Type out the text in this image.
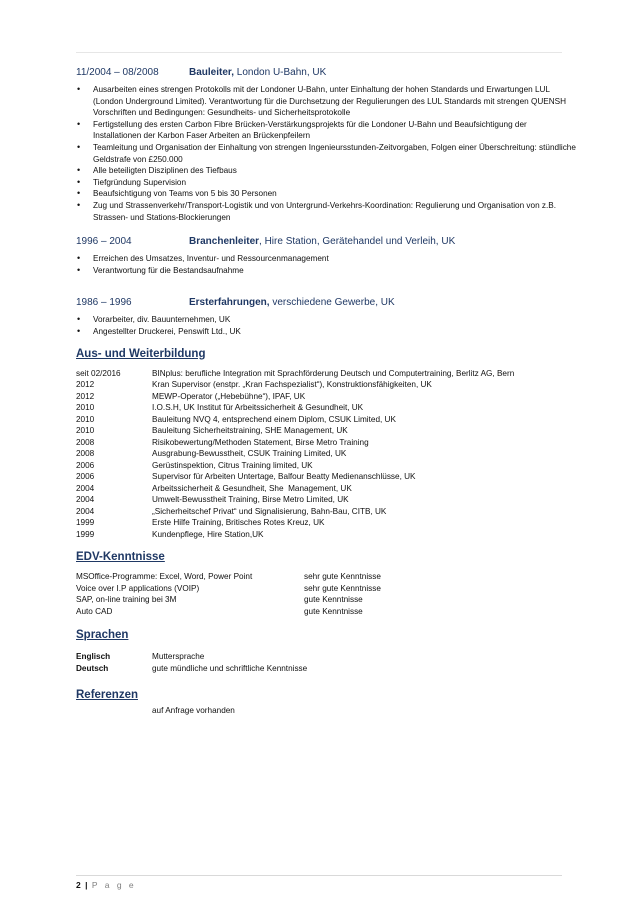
11/2004 – 08/2008	Bauleiter, London U-Bahn, UK
• Ausarbeiten eines strengen Protokolls mit der Londoner U-Bahn, unter Einhaltung der hohen Standards und Erwartungen LUL (London Underground Limited). Verantwortung für die Durchsetzung der Regulierungen des LUL Standards mit strengen QUENSH Vorschriften und Bedingungen: Gesundheits- und Sicherheitsprotokolle
• Fertigstellung des ersten Carbon Fibre Brücken-Verstärkungsprojekts für die Londoner U-Bahn und Beaufsichtigung der Installationen der Karbon Faser Arbeiten an Brückenpfeilern
• Teamleitung und Organisation der Einhaltung von strengen Ingenieursstunden-Zeitvorgaben, Folgen einer Überschreitung: stündliche Geldstrafe von £250.000
• Alle beteiligten Disziplinen des Tiefbaus
• Tiefgründung Supervision
• Beaufsichtigung von Teams von 5 bis 30 Personen
• Zug und Strassenverkehr/Transport-Logistik und von Untergrund-Verkehrs-Koordination: Regulierung und Organisation von z.B. Strassen- und Stations-Blockierungen
1996 – 2004	Branchenleiter, Hire Station, Gerätehandel und Verleih, UK
• Erreichen des Umsatzes, Inventur- und Ressourcenmanagement
• Verantwortung für die Bestandsaufnahme
1986 – 1996	Ersterfahrungen, verschiedene Gewerbe, UK
• Vorarbeiter, div. Bauunternehmen, UK
• Angestellter Druckerei, Penswift Ltd., UK
Aus- und Weiterbildung
seit 02/2016	BINplus: berufliche Integration mit Sprachförderung Deutsch und Computertraining, Berlitz AG, Bern
2012	Kran Supervisor (enstpr. „Kran Fachspezialist“), Konstruktionsfähigkeiten, UK
2012	MEWP-Operator („Hebebühne“), IPAF, UK
2010	I.O.S.H, UK Institut für Arbeitssicherheit & Gesundheit, UK
2010	Bauleitung NVQ 4, entsprechend einem Diplom, CSUK Limited, UK
2010	Bauleitung Sicherheitstraining, SHE Management, UK
2008	Risikobewertung/Methoden Statement, Birse Metro Training
2008	Ausgrabung-Bewusstheit, CSUK Training Limited, UK
2006	Gerüstinspektion, Citrus Training limited, UK
2006	Supervisor für Arbeiten Untertage, Balfour Beatty Medienanschlüsse, UK
2004	Arbeitssicherheit & Gesundheit, She  Management, UK
2004	Umwelt-Bewusstheit Training, Birse Metro Limited, UK
2004	„Sicherheitschef Privat“ und Signalisierung, Bahn-Bau, CITB, UK
1999	Erste Hilfe Training, Britisches Rotes Kreuz, UK
1999	Kundenpflege, Hire Station,UK
EDV-Kenntnisse
MSOffice-Programme: Excel, Word, Power Point	sehr gute Kenntnisse
Voice over I.P applications (VOIP)	sehr gute Kenntnisse
SAP, on-line training bei 3M	gute Kenntnisse
Auto CAD	gute Kenntnisse
Sprachen
Englisch	Muttersprache
Deutsch	gute mündliche und schriftliche Kenntnisse
Referenzen
auf Anfrage vorhanden
2 | P a g e
